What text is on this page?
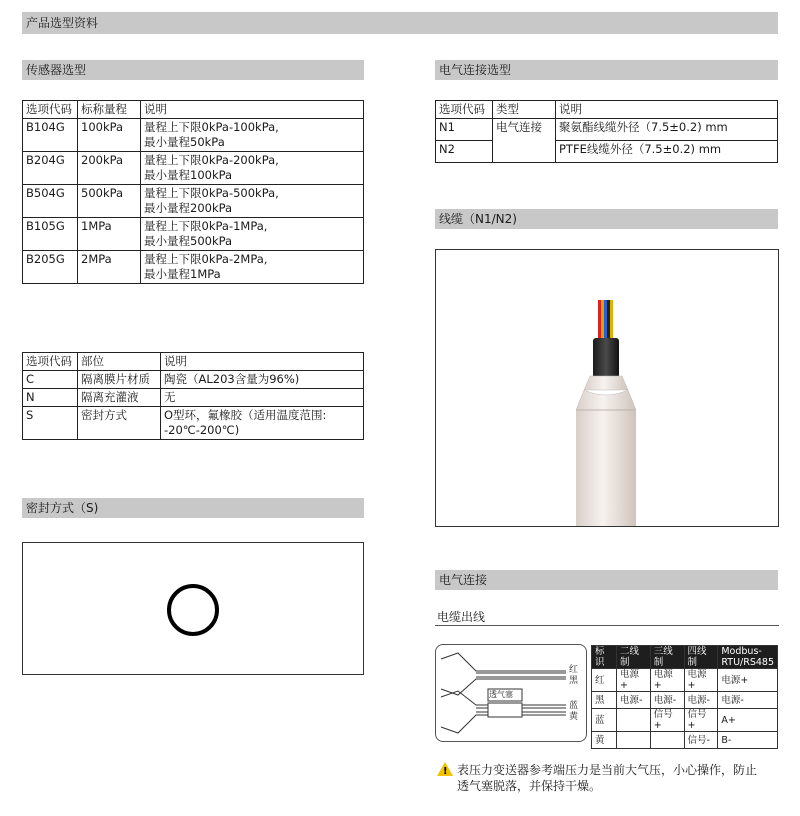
产品选型资料
传感器选型
选项代码	标称量程	说明
B104G	100kPa	量程上下限0kPa-100kPa,
最小量程50kPa

B204G	200kPa	量程上下限0kPa-200kPa,
最小量程100kPa

B504G	500kPa	量程上下限0kPa-500kPa,
最小量程200kPa

B105G	1MPa	量程上下限0kPa-1MPa,
最小量程500kPa

B205G	2MPa	量程上下限0kPa-2MPa,
最小量程1MPa
选项代码	部位	说明
C	隔离膜片材质	陶瓷（AL203含量为96%)
N	隔离充灌液	无
S	密封方式	O型环，氟橡胶（适用温度范围:
-20℃-200℃)
密封方式（S)
电气连接选型
选项代码	类型	说明
N1	电气连接	聚氨酯线缆外径（7.5±0.2) mm
N2		PTFE线缆外径（7.5±0.2) mm
线缆（N1/N2)
电气连接
电缆出线
透气塞
红
黑
蓝
黄
标识	二线制	三线制	四线制	Modbus-RTU/RS485
红	电源+	电源+	电源+	电源+
黑	电源-	电源-	电源-	电源-
蓝		信号+	信号+	A+
黄			信号-	B-
! 表压力变送器参考端压力是当前大气压，小心操作，防止
透气塞脱落，并保持干燥。
